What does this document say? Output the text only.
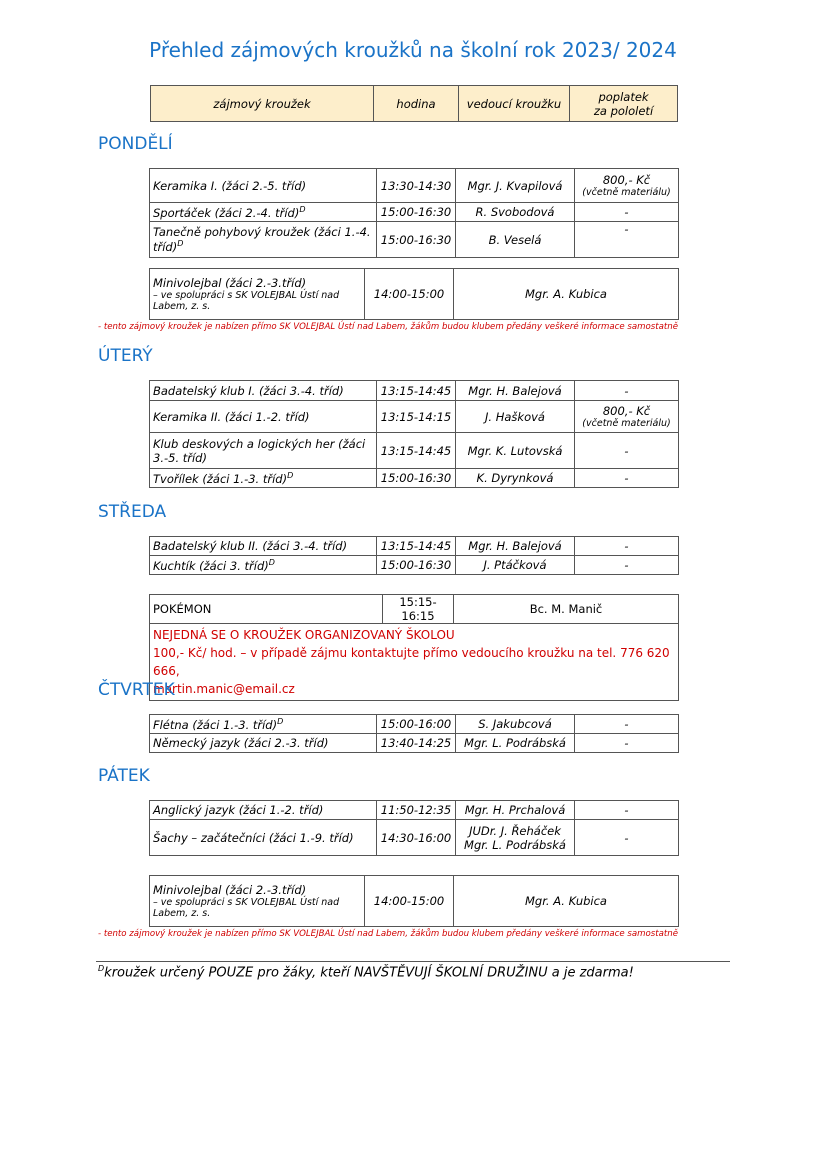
Přehled zájmových kroužků na školní rok 2023/ 2024
zájmový kroužek	hodina	vedoucí kroužku	poplatek
za pololetí
PONDĚLÍ
Keramika I. (žáci 2.-5. tříd)	13:30-14:30	Mgr. J. Kvapilová	800,- Kč
(včetně materiálu)

Sportáček (žáci 2.-4. tříd)$^D$	15:00-16:30	R. Svobodová	-
Tanečně pohybový kroužek (žáci 1.-4. tříd)$^D$	15:00-16:30	B. Veselá	-
Minivolejbal (žáci 2.-3.tříd)
– ve spolupráci s SK VOLEJBAL Ústí nad Labem, z. s.
	14:00-15:00	Mgr. A. Kubica
- tento zájmový kroužek je nabízen přímo SK VOLEJBAL Ústí nad Labem, žákům budou klubem předány veškeré informace samostatně
ÚTERÝ
Badatelský klub I. (žáci 3.-4. tříd)	13:15-14:45	Mgr. H. Balejová	-
Keramika II. (žáci 1.-2. tříd)	13:15-14:15	J. Hašková	800,- Kč
(včetně materiálu)

Klub deskových a logických her (žáci 3.-5. tříd)	13:15-14:45	Mgr. K. Lutovská	-
Tvořílek (žáci 1.-3. tříd)$^D$	15:00-16:30	K. Dyrynková	-
STŘEDA
Badatelský klub II. (žáci 3.-4. tříd)	13:15-14:45	Mgr. H. Balejová	-
Kuchtík (žáci 3. tříd)$^D$	15:00-16:30	J. Ptáčková	-
POKÉMON	15:15-16:15	Bc. M. Manič
NEJEDNÁ SE O KROUŽEK ORGANIZOVANÝ ŠKOLOU
100,- Kč/ hod. – v případě zájmu kontaktujte přímo vedoucího kroužku na tel. 776 620 666,
martin.manic@email.cz
ČTVRTEK
Flétna (žáci 1.-3. tříd)$^D$	15:00-16:00	S. Jakubcová	-
Německý jazyk (žáci 2.-3. tříd)	13:40-14:25	Mgr. L. Podrábská	-
PÁTEK
Anglický jazyk (žáci 1.-2. tříd)	11:50-12:35	Mgr. H. Prchalová	-
Šachy – začátečníci (žáci 1.-9. tříd)	14:30-16:00	JUDr. J. Řeháček
Mgr. L. Podrábská	-
Minivolejbal (žáci 2.-3.tříd)
– ve spolupráci s SK VOLEJBAL Ústí nad Labem, z. s.
	14:00-15:00	Mgr. A. Kubica
- tento zájmový kroužek je nabízen přímo SK VOLEJBAL Ústí nad Labem, žákům budou klubem předány veškeré informace samostatně
$^D$kroužek určený POUZE pro žáky, kteří NAVŠTĚVUJÍ ŠKOLNÍ DRUŽINU a je zdarma!
